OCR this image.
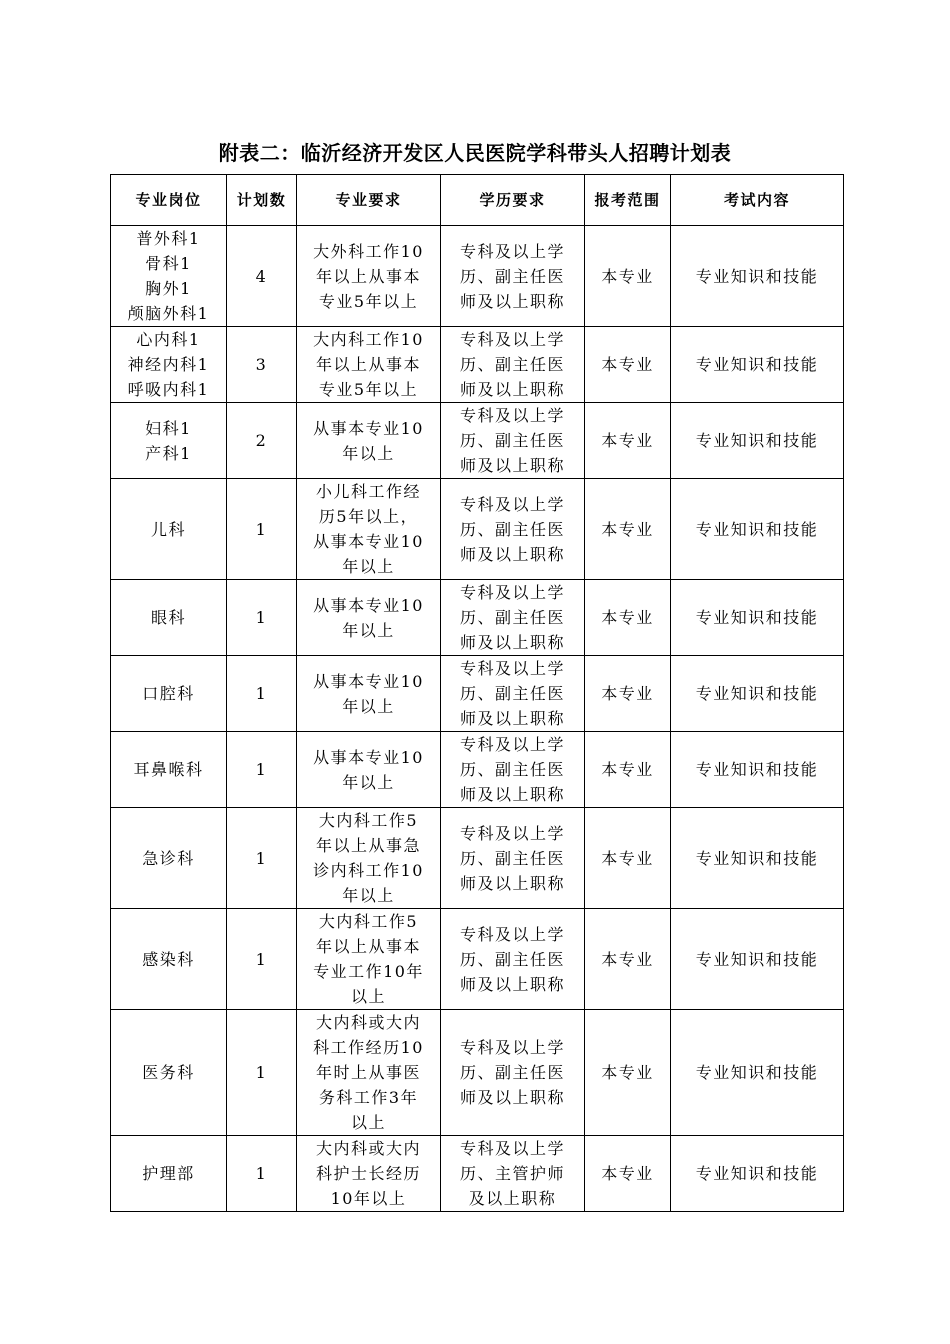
附表二：临沂经济开发区人民医院学科带头人招聘计划表
专业岗位	计划数	专业要求	学历要求	报考范围	考试内容

普外科1
骨科1
胸外1
颅脑外科1	4	大外科工作10
年以上从事本
专业5年以上	专科及以上学
历、副主任医
师及以上职称	本专业	专业知识和技能

心内科1
神经内科1
呼吸内科1	3	大内科工作10
年以上从事本
专业5年以上	专科及以上学
历、副主任医
师及以上职称	本专业	专业知识和技能

妇科1
产科1	2	从事本专业10
年以上	专科及以上学
历、副主任医
师及以上职称	本专业	专业知识和技能

儿科	1	小儿科工作经
历5年以上，
从事本专业10
年以上	专科及以上学
历、副主任医
师及以上职称	本专业	专业知识和技能

眼科	1	从事本专业10
年以上	专科及以上学
历、副主任医
师及以上职称	本专业	专业知识和技能

口腔科	1	从事本专业10
年以上	专科及以上学
历、副主任医
师及以上职称	本专业	专业知识和技能

耳鼻喉科	1	从事本专业10
年以上	专科及以上学
历、副主任医
师及以上职称	本专业	专业知识和技能

急诊科	1	大内科工作5
年以上从事急
诊内科工作10
年以上	专科及以上学
历、副主任医
师及以上职称	本专业	专业知识和技能

感染科	1	大内科工作5
年以上从事本
专业工作10年
以上	专科及以上学
历、副主任医
师及以上职称	本专业	专业知识和技能

医务科	1	大内科或大内
科工作经历10
年时上从事医
务科工作3年
以上	专科及以上学
历、副主任医
师及以上职称	本专业	专业知识和技能

护理部	1	大内科或大内
科护士长经历
10年以上	专科及以上学
历、主管护师
及以上职称	本专业	专业知识和技能
